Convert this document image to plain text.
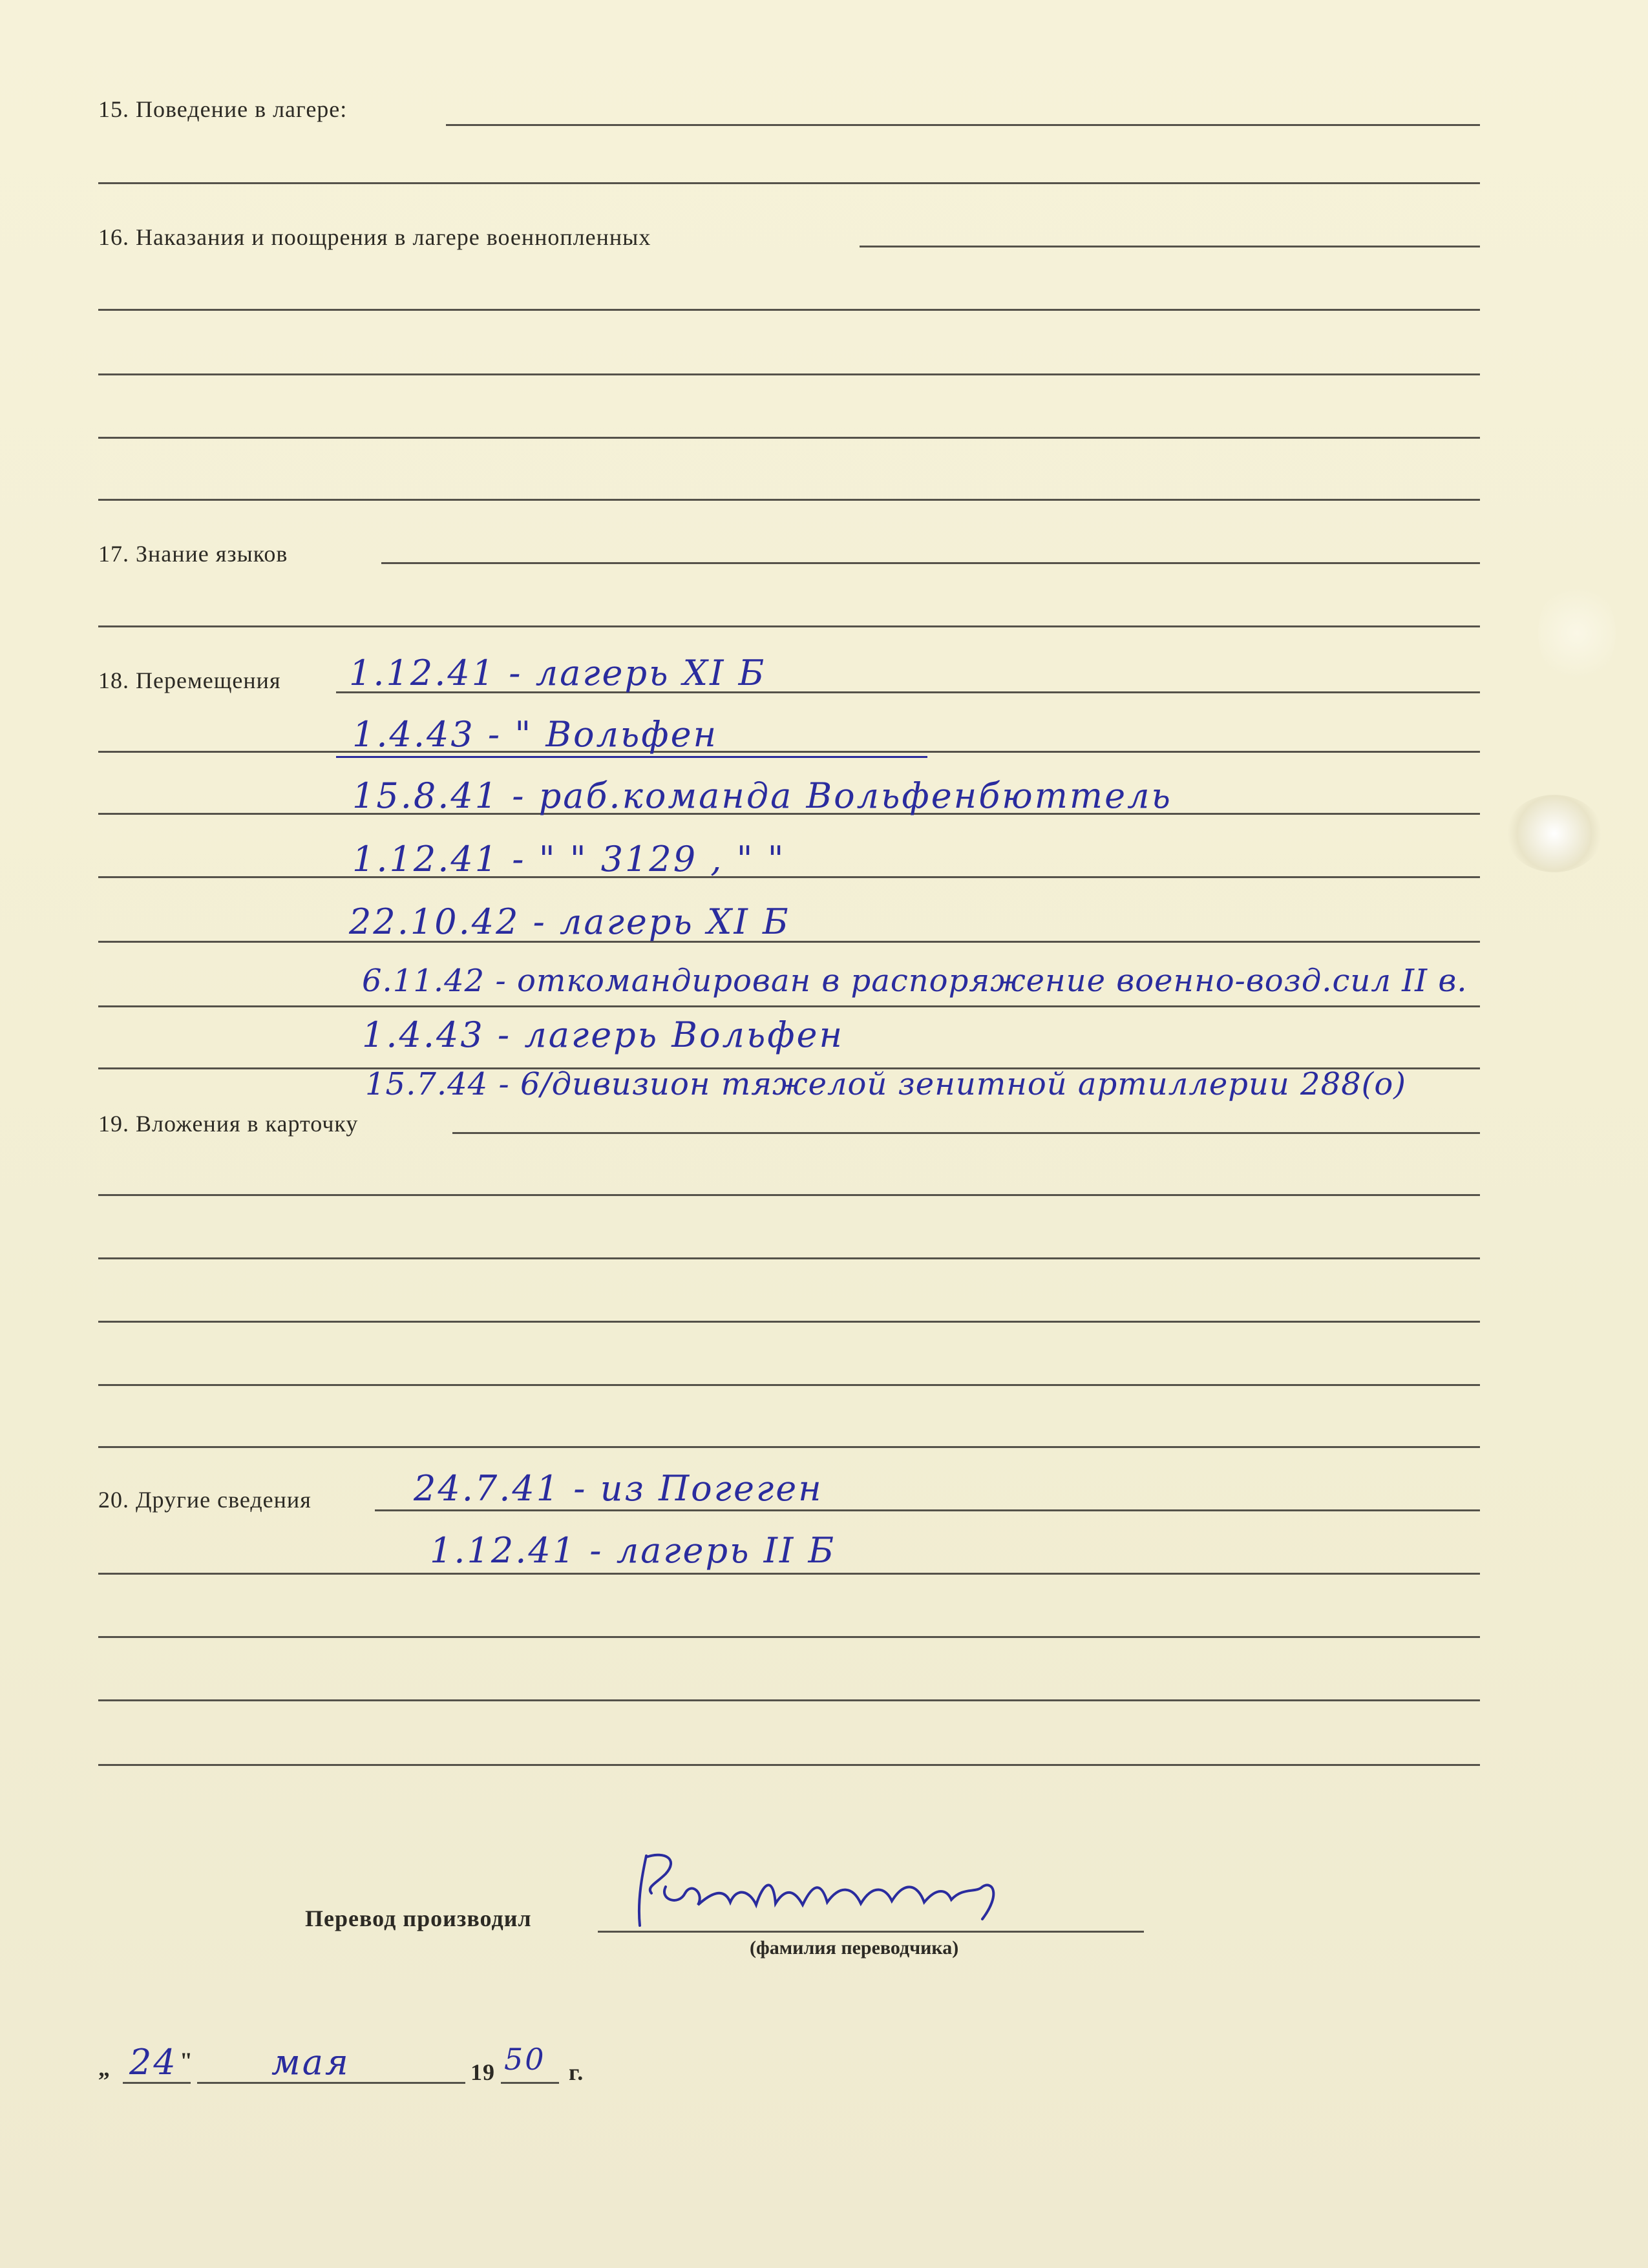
15. Поведение в лагере:
16. Наказания и поощрения в лагере военнопленных
17. Знание языков
18. Перемещения 1.12.41 - лагерь XI Б
1.4.43 - " Вольфен
15.8.41 - раб.команда Вольфенбюттель
1.12.41 - " " 3129 , " "
22.10.42 - лагерь XI Б
6.11.42 - откомандирован в распоряжение военно-возд.сил II в.
1.4.43 - лагерь Вольфен
15.7.44 - 6/дивизион тяжелой зенитной артиллерии 288(о)
19. Вложения в карточку
20. Другие сведения	24.7.41 - из Погеген
1.12.41 - лагерь II Б
Перевод производил
(фамилия переводчика)
„ 24 " мая	19 50 г.
